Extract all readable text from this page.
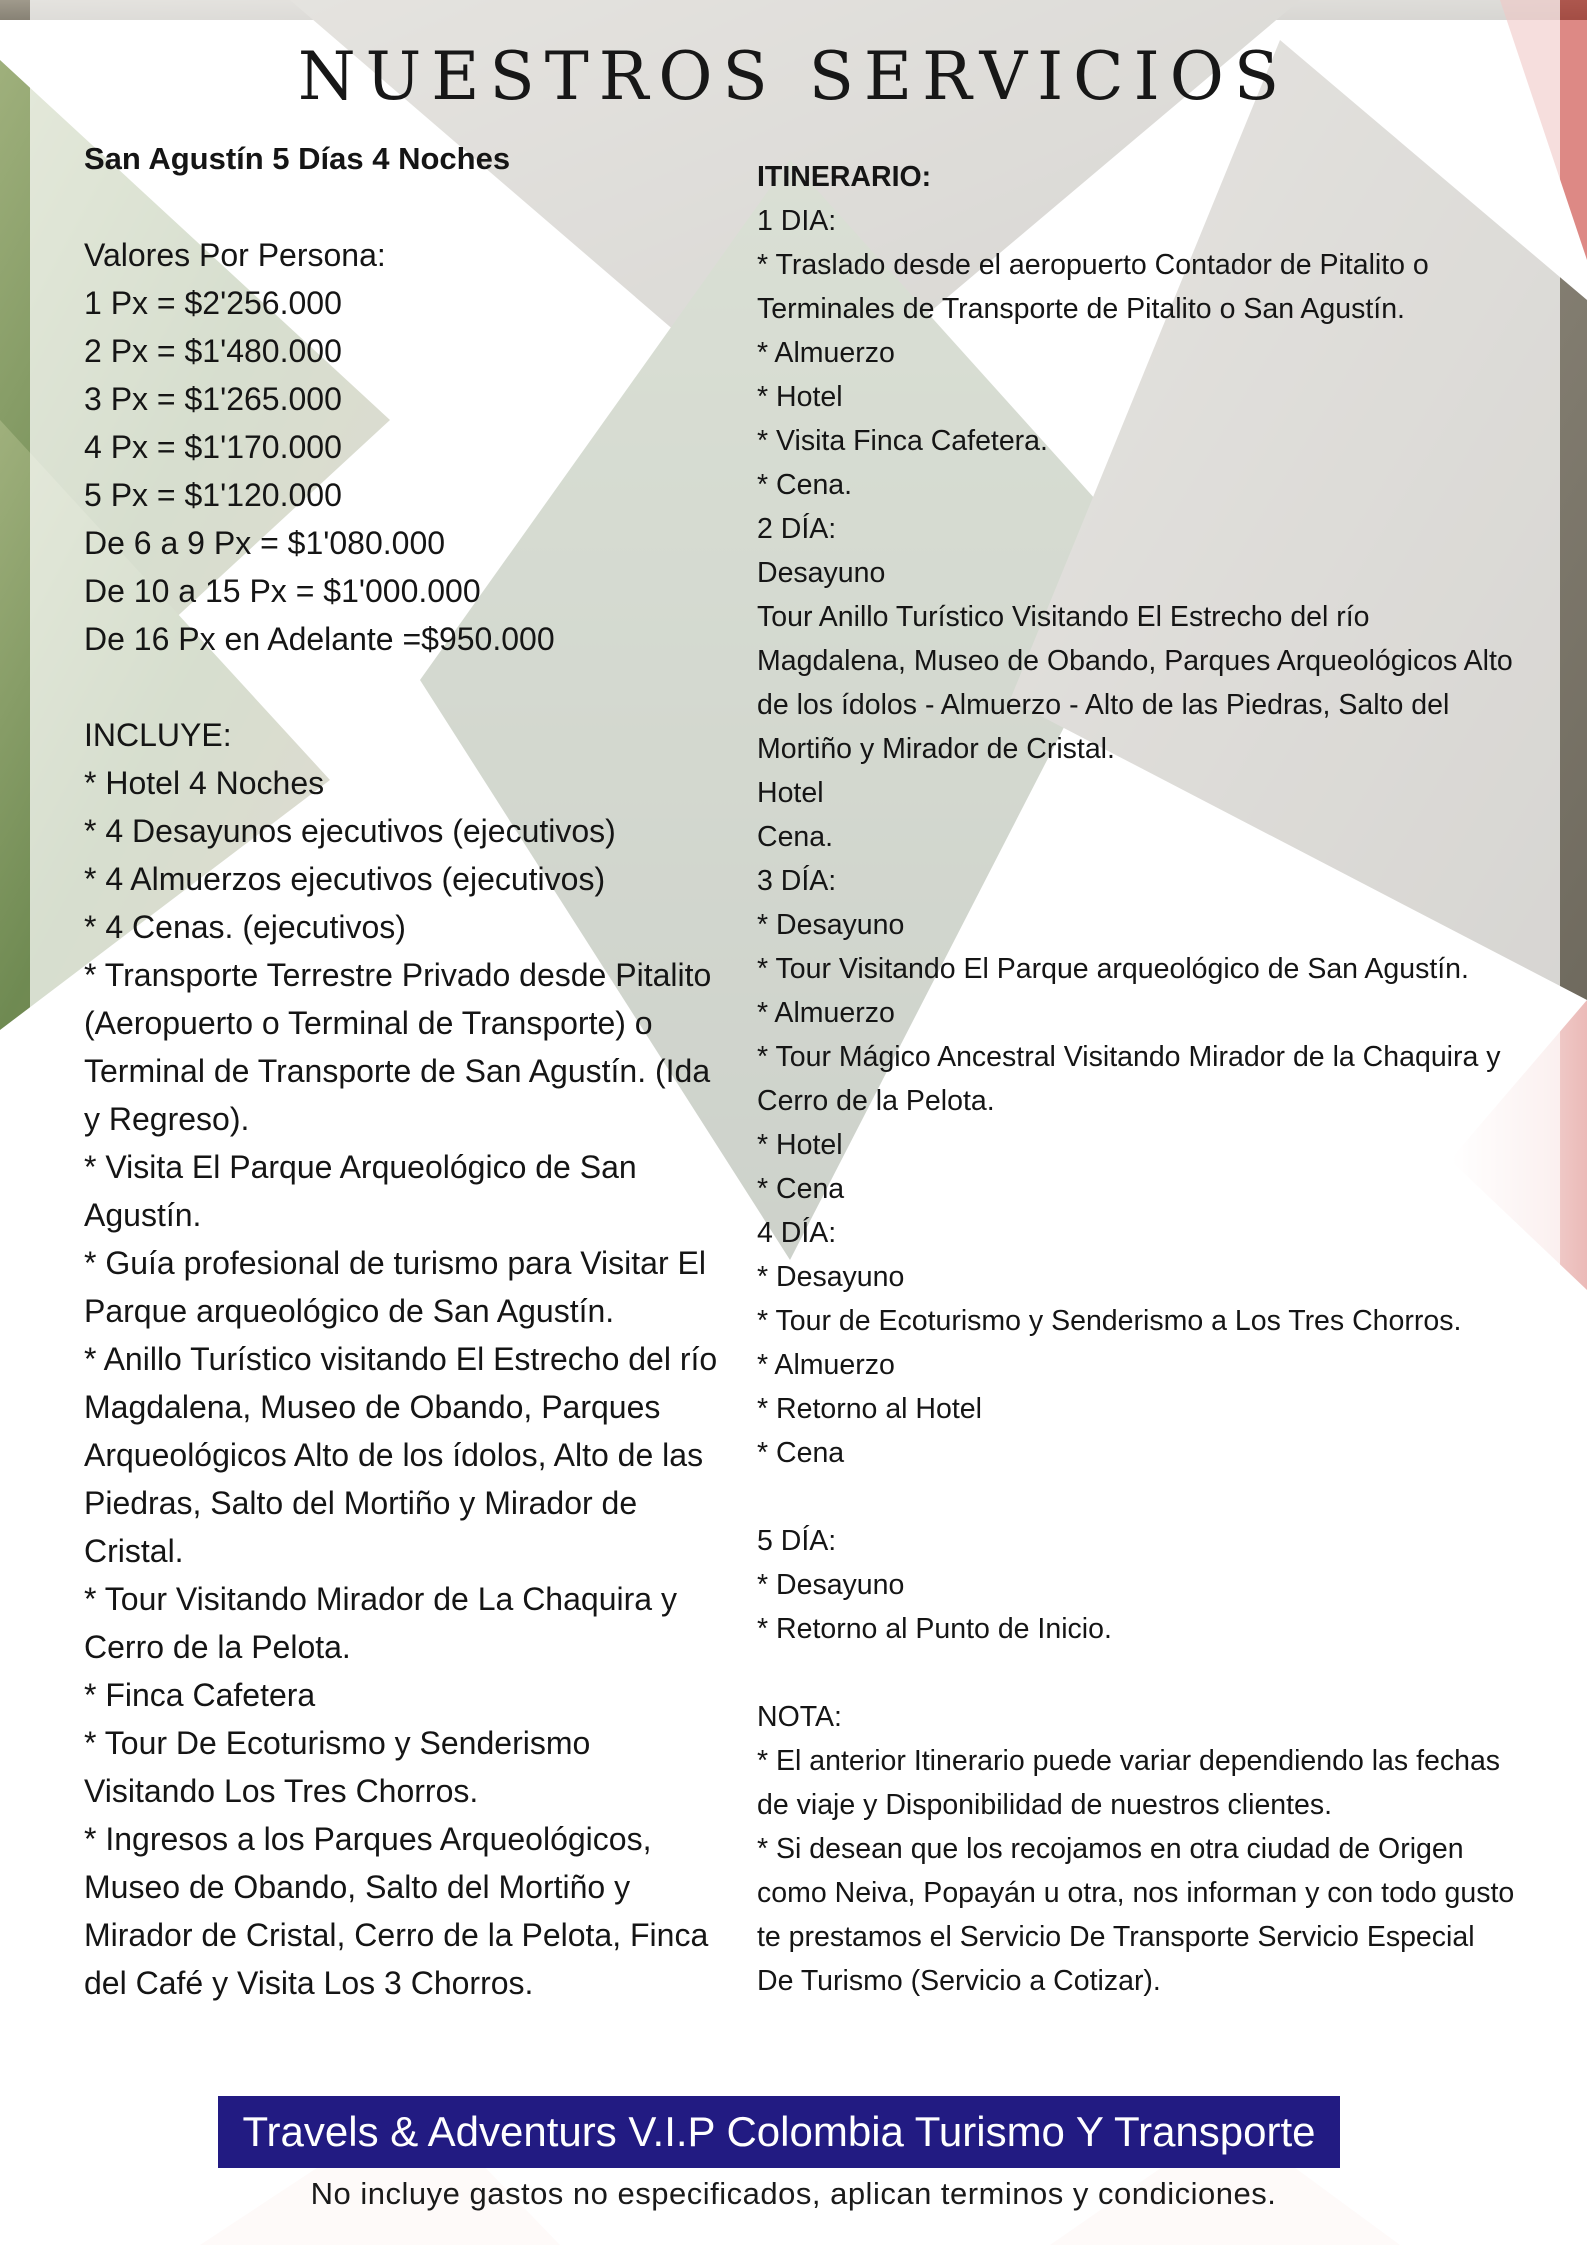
NUESTROS SERVICIOS
San Agustín 5 Días 4 Noches
Valores Por Persona:
1 Px = $2'256.000
2 Px = $1'480.000
3 Px = $1'265.000
4 Px = $1'170.000
5 Px = $1'120.000
De 6 a 9 Px = $1'080.000
De 10 a 15 Px = $1'000.000
De 16 Px en Adelante =$950.000
INCLUYE:
* Hotel 4 Noches
* 4 Desayunos ejecutivos (ejecutivos)
* 4 Almuerzos ejecutivos (ejecutivos)
* 4 Cenas. (ejecutivos)
* Transporte Terrestre Privado desde Pitalito (Aeropuerto o Terminal de Transporte) o Terminal de Transporte de San Agustín. (Ida y Regreso).
* Visita El Parque Arqueológico de San Agustín.
* Guía profesional de turismo para Visitar El Parque arqueológico de San Agustín.
* Anillo Turístico visitando El Estrecho del río Magdalena, Museo de Obando, Parques Arqueológicos Alto de los ídolos, Alto de las Piedras, Salto del Mortiño y Mirador de Cristal.
* Tour Visitando Mirador de La Chaquira y Cerro de la Pelota.
* Finca Cafetera
* Tour De Ecoturismo y Senderismo Visitando Los Tres Chorros.
* Ingresos a los Parques Arqueológicos, Museo de Obando, Salto del Mortiño y Mirador de Cristal, Cerro de la Pelota, Finca del Café y Visita Los 3 Chorros.
ITINERARIO:
1 DIA:
* Traslado desde el aeropuerto Contador de Pitalito o Terminales de Transporte de Pitalito o San Agustín.
* Almuerzo
* Hotel
* Visita Finca Cafetera.
* Cena.
2 DÍA:
Desayuno
Tour Anillo Turístico Visitando El Estrecho del río Magdalena, Museo de Obando, Parques Arqueológicos Alto de los ídolos - Almuerzo - Alto de las Piedras, Salto del Mortiño y Mirador de Cristal.
Hotel
Cena.
3 DÍA:
* Desayuno
* Tour Visitando El Parque arqueológico de San Agustín.
* Almuerzo
* Tour Mágico Ancestral Visitando Mirador de la Chaquira y Cerro de la Pelota.
* Hotel
* Cena
4 DÍA:
* Desayuno
* Tour de Ecoturismo y Senderismo a Los Tres Chorros.
* Almuerzo
* Retorno al Hotel
* Cena
5 DÍA:
* Desayuno
* Retorno al Punto de Inicio.
NOTA:
* El anterior Itinerario puede variar dependiendo las fechas de viaje y Disponibilidad de nuestros clientes.
* Si desean que los recojamos en otra ciudad de Origen como Neiva, Popayán u otra, nos informan y con todo gusto te prestamos el Servicio De Transporte Servicio Especial De Turismo (Servicio a Cotizar).
Travels & Adventurs V.I.P Colombia Turismo Y Transporte
No incluye gastos no especificados, aplican terminos y condiciones.
